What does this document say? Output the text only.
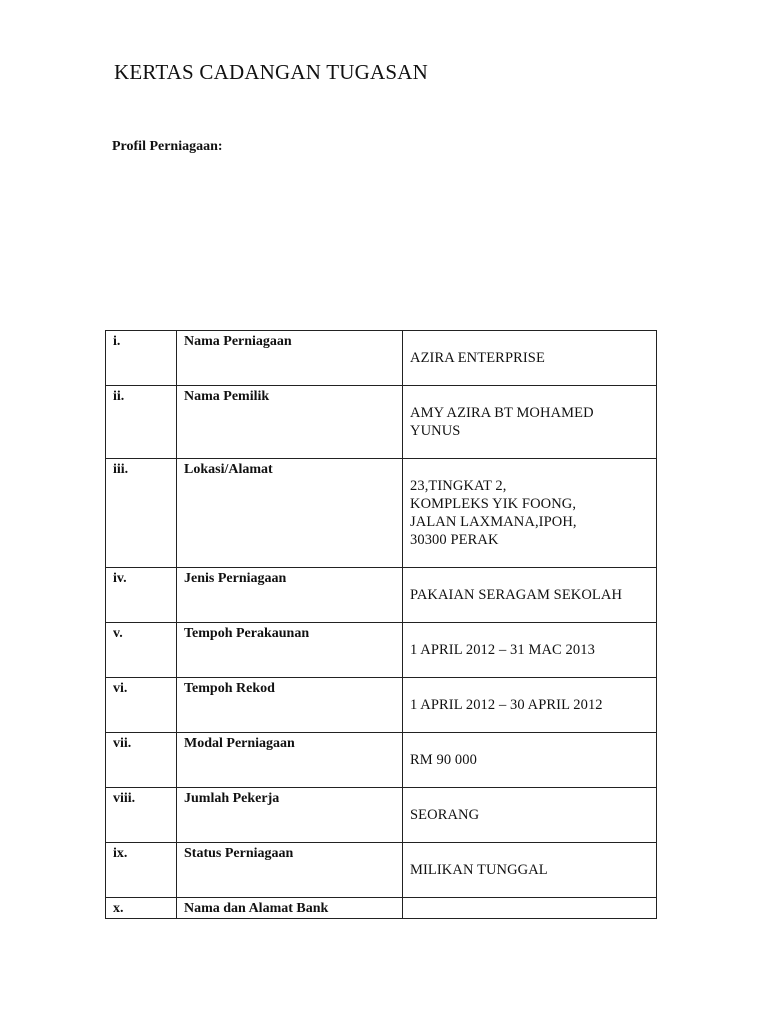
KERTAS CADANGAN TUGASAN

Profil Perniagaan:

i.	Nama Perniagaan	AZIRA ENTERPRISE

ii.	Nama Pemilik	AMY AZIRA BT MOHAMED
YUNUS

iii.	Lokasi/Alamat	23,TINGKAT 2,
KOMPLEKS YIK FOONG,
JALAN LAXMANA,IPOH,
30300 PERAK

iv.	Jenis Perniagaan	PAKAIAN SERAGAM SEKOLAH

v.	Tempoh Perakaunan	1 APRIL 2012 – 31 MAC 2013

vi.	Tempoh Rekod	1 APRIL 2012 – 30 APRIL 2012

vii.	Modal Perniagaan	RM 90 000

viii.	Jumlah Pekerja	SEORANG

ix.	Status Perniagaan	MILIKAN TUNGGAL

x.	Nama dan Alamat Bank	
